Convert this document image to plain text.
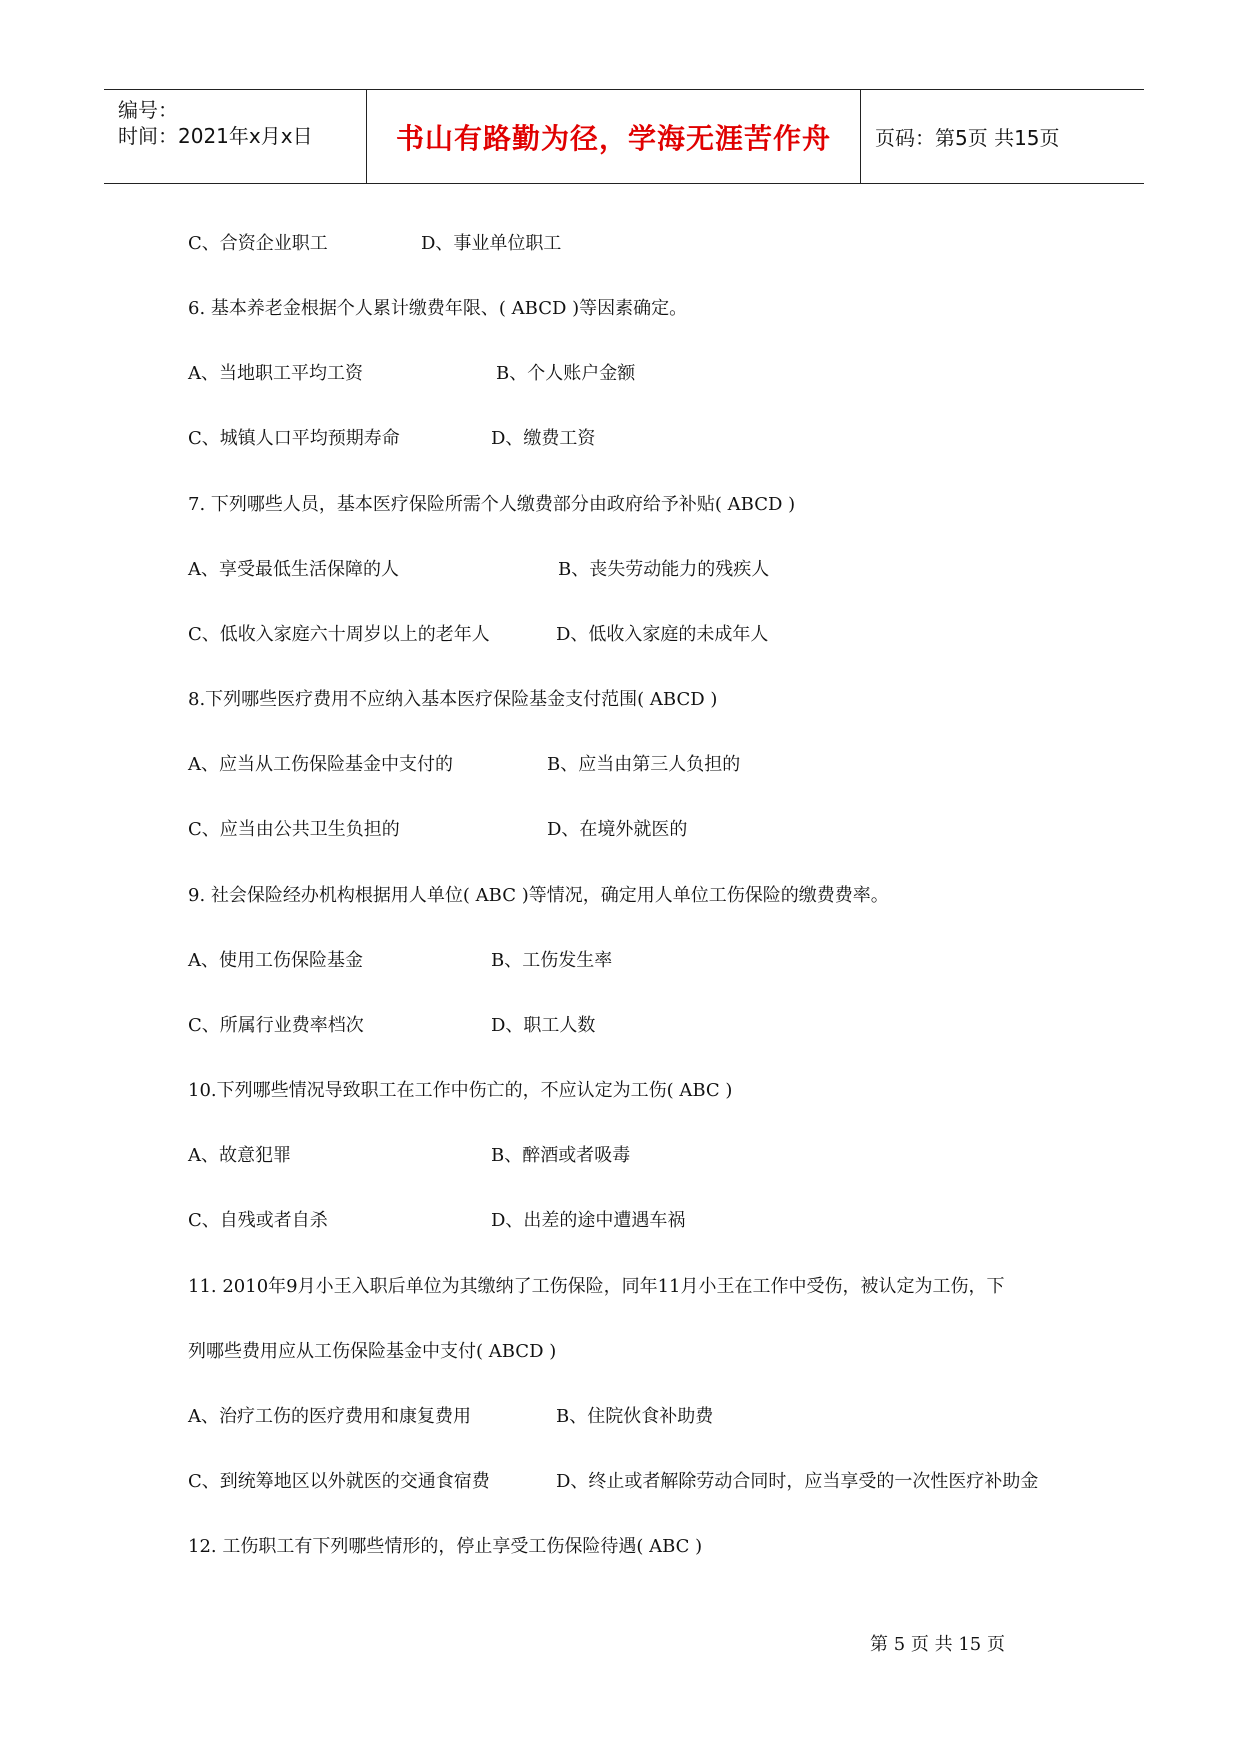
编号：
时间：2021年x月x日	书山有路勤为径，学海无涯苦作舟 页码：第5页 共15页
C、合资企业职工	D、事业单位职工
6. 基本养老金根据个人累计缴费年限、( ABCD )等因素确定。
A、当地职工平均工资	B、个人账户金额
C、城镇人口平均预期寿命	D、缴费工资
7. 下列哪些人员，基本医疗保险所需个人缴费部分由政府给予补贴( ABCD )
A、享受最低生活保障的人	B、丧失劳动能力的残疾人
C、低收入家庭六十周岁以上的老年人	D、低收入家庭的未成年人
8.下列哪些医疗费用不应纳入基本医疗保险基金支付范围( ABCD )
A、应当从工伤保险基金中支付的	B、应当由第三人负担的
C、应当由公共卫生负担的	D、在境外就医的
9. 社会保险经办机构根据用人单位( ABC )等情况，确定用人单位工伤保险的缴费费率。
A、使用工伤保险基金	B、工伤发生率
C、所属行业费率档次	D、职工人数
10.下列哪些情况导致职工在工作中伤亡的，不应认定为工伤( ABC )
A、故意犯罪	B、醉酒或者吸毒
C、自残或者自杀	D、出差的途中遭遇车祸
11. 2010年9月小王入职后单位为其缴纳了工伤保险，同年11月小王在工作中受伤，被认定为工伤，下
列哪些费用应从工伤保险基金中支付( ABCD )
A、治疗工伤的医疗费用和康复费用	B、住院伙食补助费
C、到统筹地区以外就医的交通食宿费	D、终止或者解除劳动合同时，应当享受的一次性医疗补助金
12. 工伤职工有下列哪些情形的，停止享受工伤保险待遇( ABC )
第 5 页 共 15 页
